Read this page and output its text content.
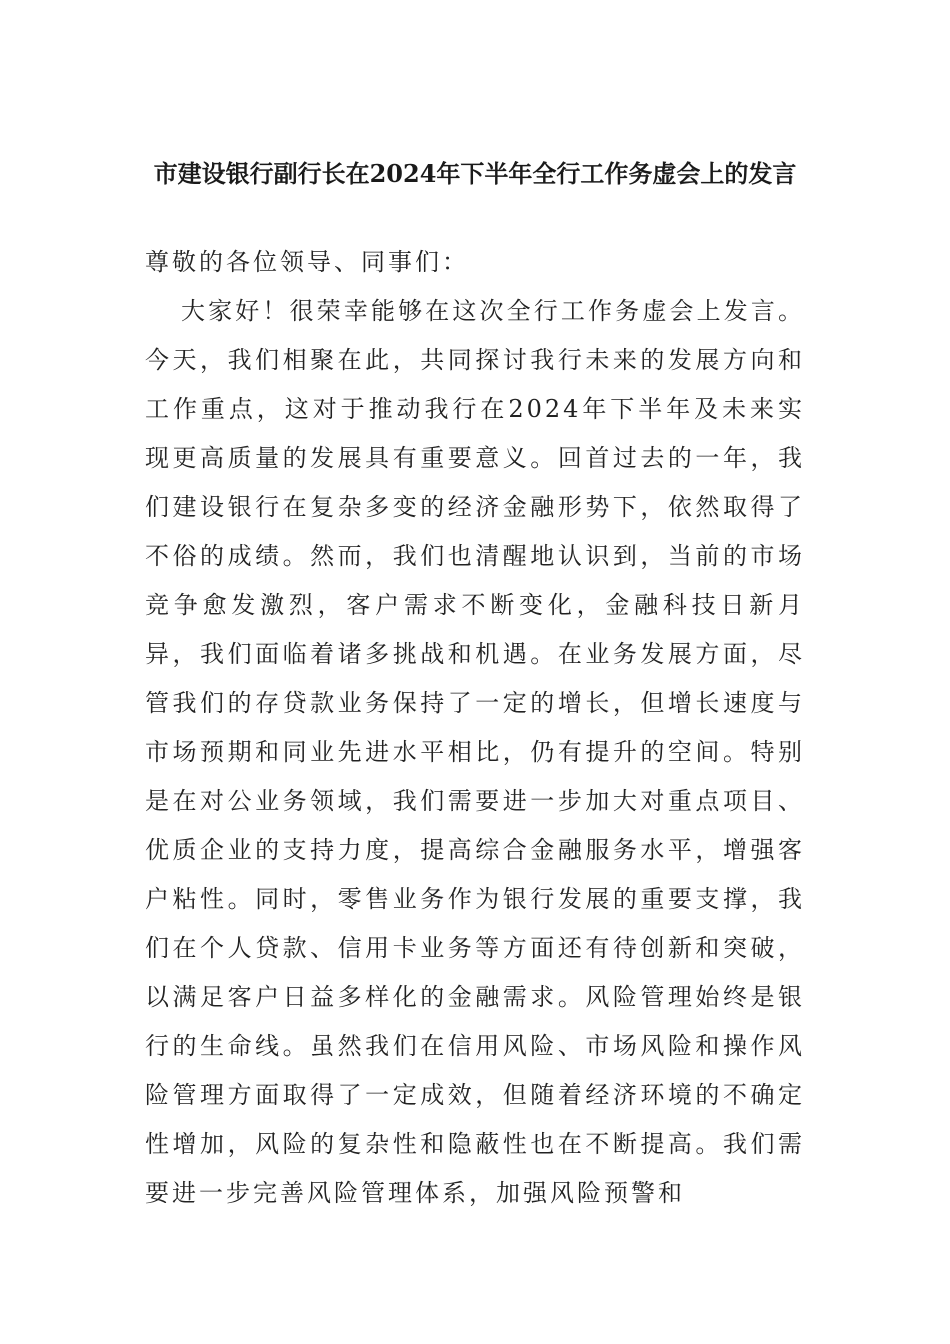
市建设银行副行长在2024年下半年全行工作务虚会上的发言

尊敬的各位领导、同事们：

大家好！很荣幸能够在这次全行工作务虚会上发言。今天，我们相聚在此，共同探讨我行未来的发展方向和工作重点，这对于推动我行在2024年下半年及未来实现更高质量的发展具有重要意义。回首过去的一年，我们建设银行在复杂多变的经济金融形势下，依然取得了不俗的成绩。然而，我们也清醒地认识到，当前的市场竞争愈发激烈，客户需求不断变化，金融科技日新月异，我们面临着诸多挑战和机遇。在业务发展方面，尽管我们的存贷款业务保持了一定的增长，但增长速度与市场预期和同业先进水平相比，仍有提升的空间。特别是在对公业务领域，我们需要进一步加大对重点项目、优质企业的支持力度，提高综合金融服务水平，增强客户粘性。同时，零售业务作为银行发展的重要支撑，我们在个人贷款、信用卡业务等方面还有待创新和突破，以满足客户日益多样化的金融需求。风险管理始终是银行的生命线。虽然我们在信用风险、市场风险和操作风险管理方面取得了一定成效，但随着经济环境的不确定性增加，风险的复杂性和隐蔽性也在不断提高。我们需要进一步完善风险管理体系，加强风险预警和
